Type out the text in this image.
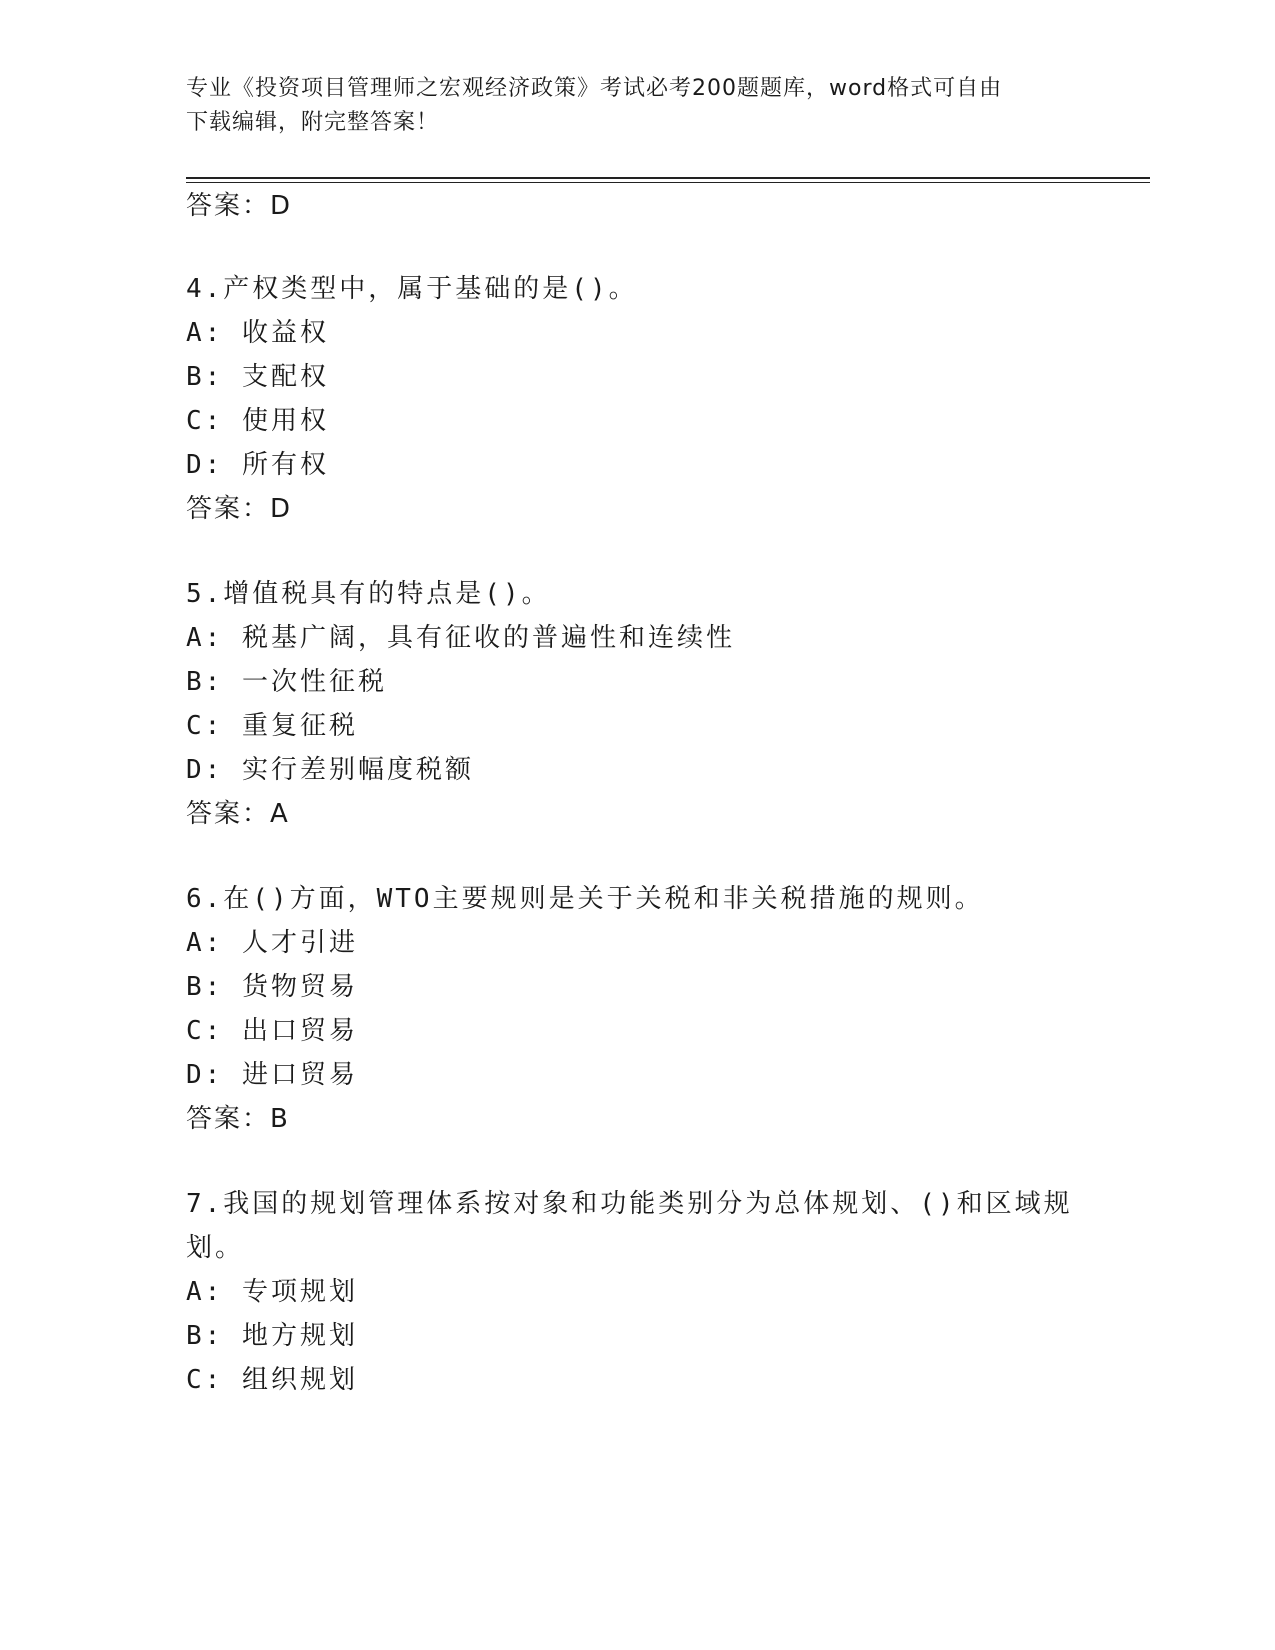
专业《投资项目管理师之宏观经济政策》考试必考200题题库，word格式可自由
下载编辑，附完整答案！
答案：D
4.产权类型中，属于基础的是()。
A: 收益权
B: 支配权
C: 使用权
D: 所有权
答案：D
5.增值税具有的特点是()。
A: 税基广阔，具有征收的普遍性和连续性
B: 一次性征税
C: 重复征税
D: 实行差别幅度税额
答案：A
6.在()方面，WTO主要规则是关于关税和非关税措施的规则。
A: 人才引进
B: 货物贸易
C: 出口贸易
D: 进口贸易
答案：B
7.我国的规划管理体系按对象和功能类别分为总体规划、()和区域规
划。
A: 专项规划
B: 地方规划
C: 组织规划
